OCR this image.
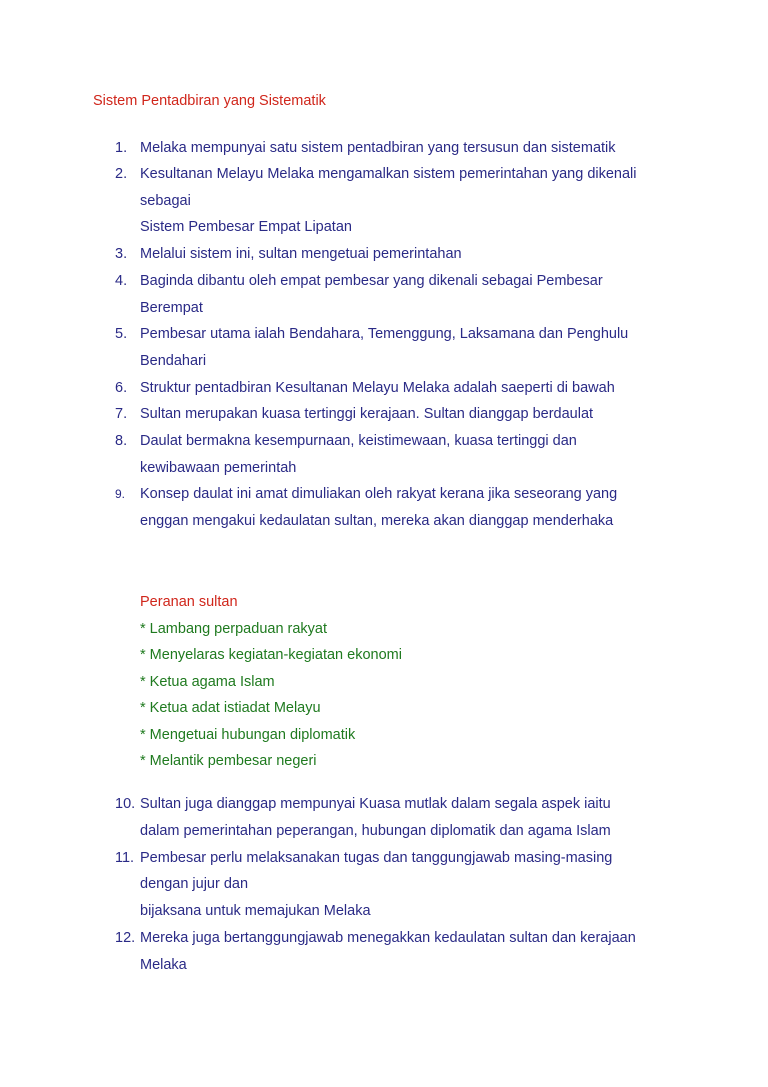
Sistem Pentadbiran yang Sistematik
1. Melaka mempunyai satu sistem pentadbiran yang tersusun dan sistematik
2. Kesultanan Melayu Melaka mengamalkan sistem pemerintahan yang dikenali
sebagai
Sistem Pembesar Empat Lipatan
3. Melalui sistem ini, sultan mengetuai pemerintahan
4. Baginda dibantu oleh empat pembesar yang dikenali sebagai Pembesar
Berempat
5. Pembesar utama ialah Bendahara, Temenggung, Laksamana dan Penghulu
Bendahari
6. Struktur pentadbiran Kesultanan Melayu Melaka adalah saeperti di bawah
7. Sultan merupakan kuasa tertinggi kerajaan. Sultan dianggap berdaulat
8. Daulat bermakna kesempurnaan, keistimewaan, kuasa tertinggi dan
kewibawaan pemerintah
9. Konsep daulat ini amat dimuliakan oleh rakyat kerana jika seseorang yang
enggan mengakui kedaulatan sultan, mereka akan dianggap menderhaka
Peranan sultan
* Lambang perpaduan rakyat
* Menyelaras kegiatan-kegiatan ekonomi
* Ketua agama Islam
* Ketua adat istiadat Melayu
* Mengetuai hubungan diplomatik
* Melantik pembesar negeri
10. Sultan juga dianggap mempunyai Kuasa mutlak dalam segala aspek iaitu
dalam pemerintahan peperangan, hubungan diplomatik dan agama Islam
11. Pembesar perlu melaksanakan tugas dan tanggungjawab masing-masing
dengan jujur dan
bijaksana untuk memajukan Melaka
12. Mereka juga bertanggungjawab menegakkan kedaulatan sultan dan kerajaan
Melaka
